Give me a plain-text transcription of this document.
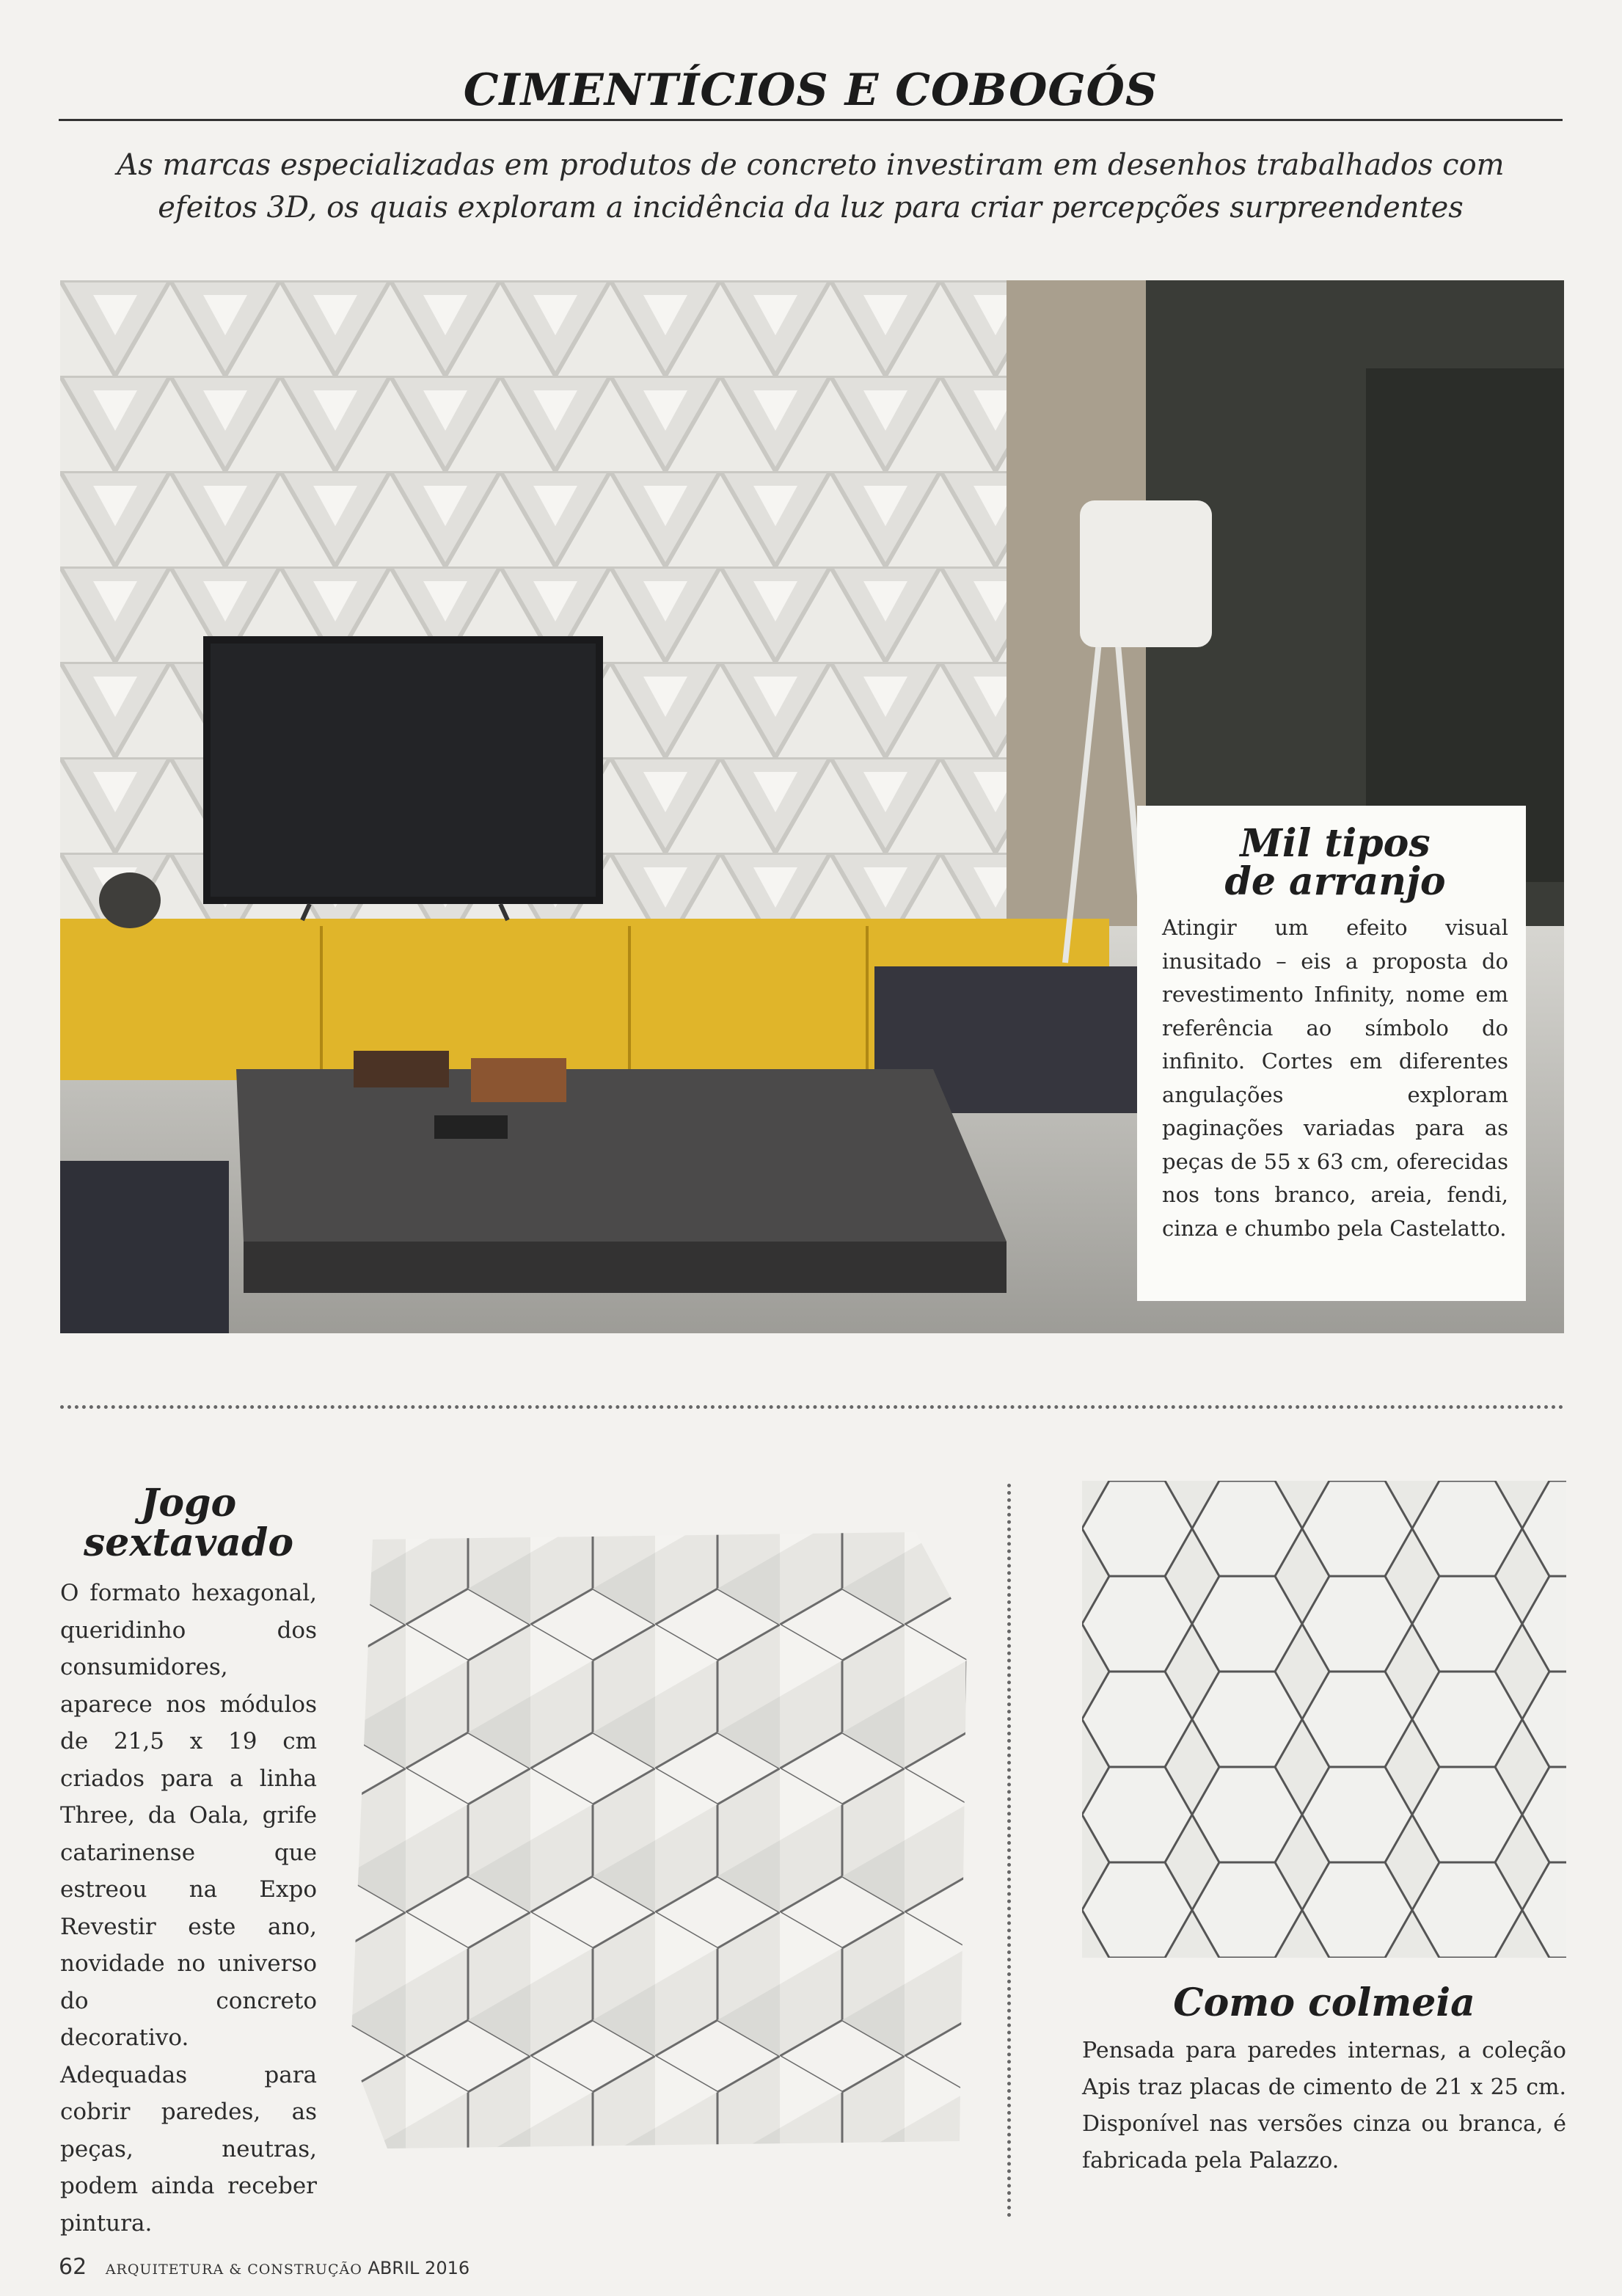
CIMENTÍCIOS E COBOGÓS
As marcas especializadas em produtos de concreto investiram em desenhos trabalhados com efeitos 3D, os quais exploram a incidência da luz para criar percepções surpreendentes

Mil tipos
de arranjo

Atingir um efeito visual inusitado – eis a proposta do revestimento Infinity, nome em referência ao símbolo do infinito. Cortes em diferentes angulações exploram paginações variadas para as peças de 55 x 63 cm, oferecidas nos tons branco, areia, fendi, cinza e chumbo pela Castelatto.

Jogo
sextavado

O formato hexagonal, queridinho dos consumidores, aparece nos módulos de 21,5 x 19 cm criados para a linha Three, da Oala, grife catarinense que estreou na Expo Revestir este ano, novidade no universo do concreto decorativo. Adequadas para cobrir paredes, as peças, neutras, podem ainda receber pintura.

Como colmeia

Pensada para paredes internas, a coleção Apis traz placas de cimento de 21 x 25 cm. Disponível nas versões cinza ou branca, é fabricada pela Palazzo.

62 ARQUITETURA & CONSTRUÇÃO ABRIL 2016
